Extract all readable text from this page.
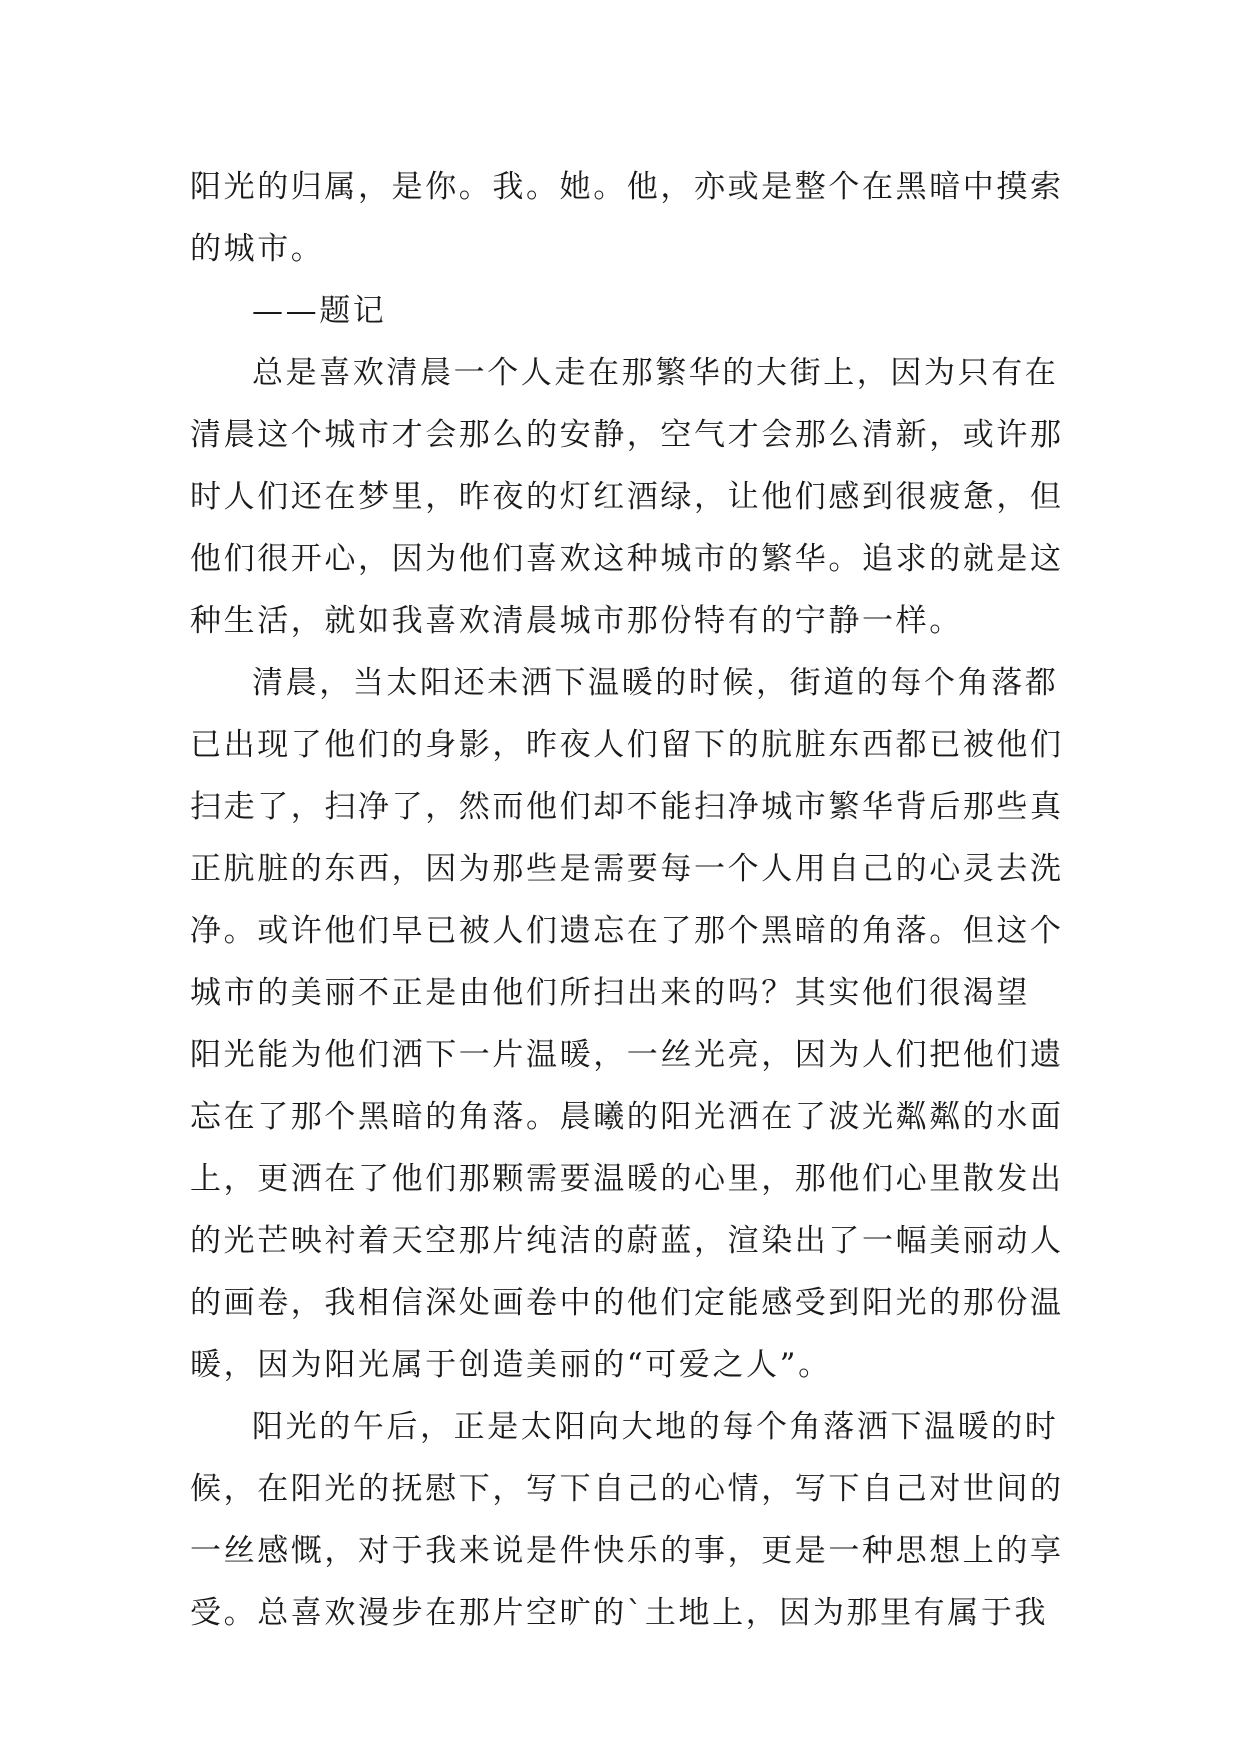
阳光的归属，是你。我。她。他，亦或是整个在黑暗中摸索
的城市。

——题记

总是喜欢清晨一个人走在那繁华的大街上，因为只有在
清晨这个城市才会那么的安静，空气才会那么清新，或许那
时人们还在梦里，昨夜的灯红酒绿，让他们感到很疲惫，但
他们很开心，因为他们喜欢这种城市的繁华。追求的就是这
种生活，就如我喜欢清晨城市那份特有的宁静一样。

清晨，当太阳还未洒下温暖的时候，街道的每个角落都
已出现了他们的身影，昨夜人们留下的肮脏东西都已被他们
扫走了，扫净了，然而他们却不能扫净城市繁华背后那些真
正肮脏的东西，因为那些是需要每一个人用自己的心灵去洗
净。或许他们早已被人们遗忘在了那个黑暗的角落。但这个
城市的美丽不正是由他们所扫出来的吗？其实他们很渴望
阳光能为他们洒下一片温暖，一丝光亮，因为人们把他们遗
忘在了那个黑暗的角落。晨曦的阳光洒在了波光粼粼的水面
上，更洒在了他们那颗需要温暖的心里，那他们心里散发出
的光芒映衬着天空那片纯洁的蔚蓝，渲染出了一幅美丽动人
的画卷，我相信深处画卷中的他们定能感受到阳光的那份温
暖，因为阳光属于创造美丽的“可爱之人”。

阳光的午后，正是太阳向大地的每个角落洒下温暖的时
候，在阳光的抚慰下，写下自己的心情，写下自己对世间的
一丝感慨，对于我来说是件快乐的事，更是一种思想上的享
受。总喜欢漫步在那片空旷的`土地上，因为那里有属于我
